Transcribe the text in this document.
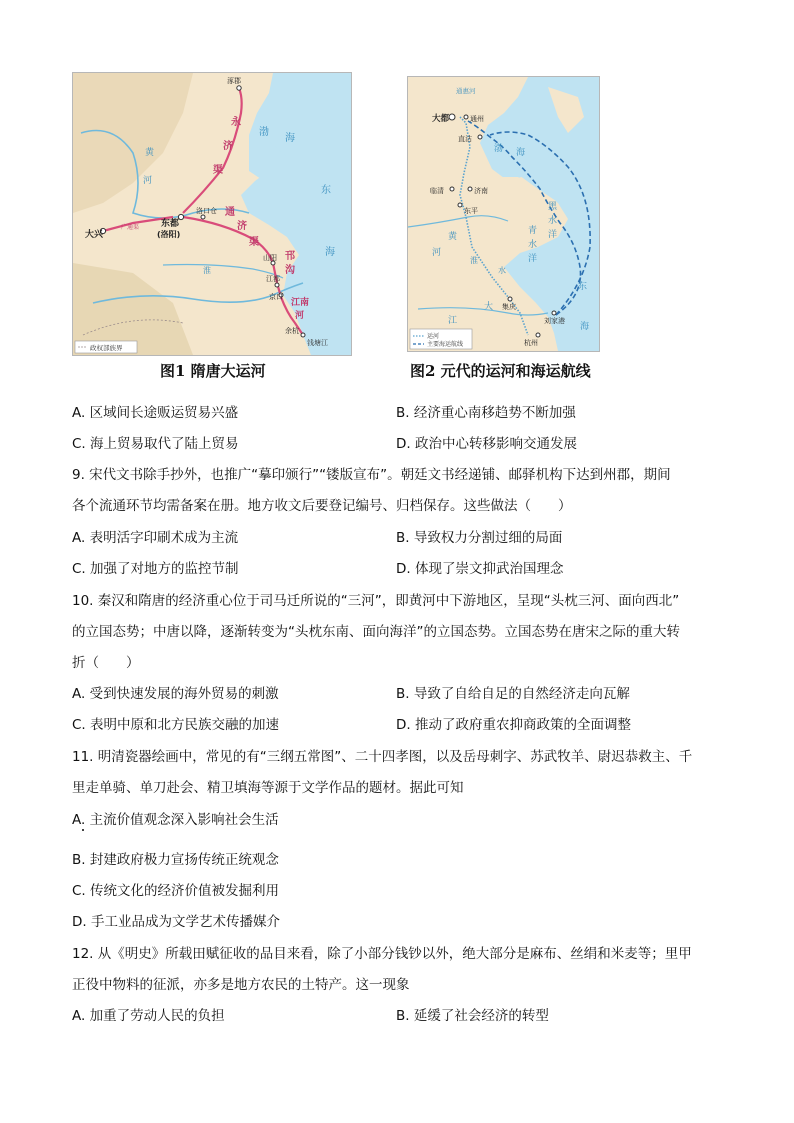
政权部族界
涿郡
大兴
东都
(洛阳)
洛口仓
山阳
江都
京口
余杭
钱塘江
黄
河
广通渠
永
济
渠
通
济
渠
邗
沟
江南
河
淮
渤
海
东
海
图1 隋唐大运河
运河
主要海运航线
通惠河
大都	通州
直沽
临清	济南
东平
集庆
刘家港
杭州
渤 海
黑
水
洋
青
水
洋
东
海
黄
河
大
江
淮
水
图2 元代的运河和海运航线
A. 区域间长途贩运贸易兴盛	B. 经济重心南移趋势不断加强
C. 海上贸易取代了陆上贸易	D. 政治中心转移影响交通发展
9. 宋代文书除手抄外，也推广“摹印颁行”“镂版宣布”。朝廷文书经递铺、邮驿机构下达到州郡，期间
各个流通环节均需备案在册。地方收文后要登记编号、归档保存。这些做法（　　）
A. 表明活字印刷术成为主流	B. 导致权力分割过细的局面
C. 加强了对地方的监控节制	D. 体现了崇文抑武治国理念
10. 秦汉和隋唐的经济重心位于司马迁所说的“三河”，即黄河中下游地区，呈现“头枕三河、面向西北”
的立国态势；中唐以降，逐渐转变为“头枕东南、面向海洋”的立国态势。立国态势在唐宋之际的重大转
折（　　）
A. 受到快速发展的海外贸易的刺激	B. 导致了自给自足的自然经济走向瓦解
C. 表明中原和北方民族交融的加速	D. 推动了政府重农抑商政策的全面调整
11. 明清瓷器绘画中，常见的有“三纲五常图”、二十四孝图，以及岳母刺字、苏武牧羊、尉迟恭救主、千
里走单骑、单刀赴会、精卫填海等源于文学作品的题材。据此可知
A. 主流价值观念深入影响社会生活
B. 封建政府极力宣扬传统正统观念
C. 传统文化的经济价值被发掘利用
D. 手工业品成为文学艺术传播媒介
12. 从《明史》所载田赋征收的品目来看，除了小部分钱钞以外，绝大部分是麻布、丝绢和米麦等；里甲
正役中物料的征派，亦多是地方农民的土特产。这一现象
A. 加重了劳动人民的负担	B. 延缓了社会经济的转型
